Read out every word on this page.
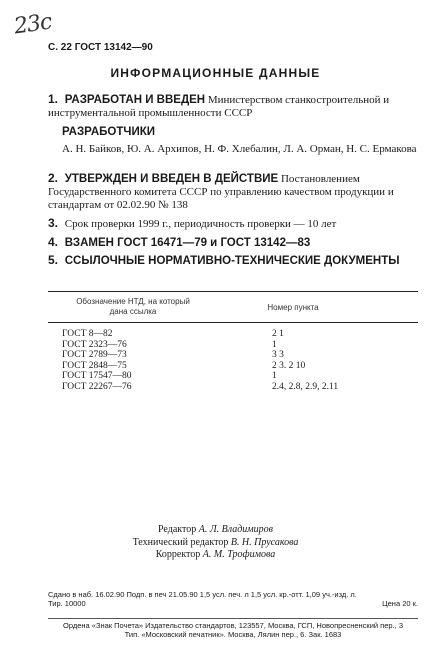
23c
С. 22 ГОСТ 13142—90
ИНФОРМАЦИОННЫЕ ДАННЫЕ
1. РАЗРАБОТАН И ВВЕДЕН Министерством станкостроительной и инструментальной промышленности СССР
РАЗРАБОТЧИКИ
А. Н. Байков, Ю. А. Архипов, Н. Ф. Хлебалин, Л. А. Орман, Н. С. Ермакова
2. УТВЕРЖДЕН И ВВЕДЕН В ДЕЙСТВИЕ Постановлением Государственного комитета СССР по управлению качеством продукции и стандартам от 02.02.90 № 138
3. Срок проверки 1999 г., периодичность проверки — 10 лет
4. ВЗАМЕН ГОСТ 16471—79 и ГОСТ 13142—83
5. ССЫЛОЧНЫЕ НОРМАТИВНО-ТЕХНИЧЕСКИЕ ДОКУМЕНТЫ
Обозначение НТД, на который
дана ссылка	Номер пункта
ГОСТ 8—82	2 1
ГОСТ 2323—76	1
ГОСТ 2789—73	3 3
ГОСТ 2848—75	2 3. 2 10
ГОСТ 17547—80	1
ГОСТ 22267—76	2.4, 2.8, 2.9, 2.11
Редактор А. Л. Владимиров
Технический редактор В. Н. Прусакова
Корректор А. М. Трофимова
Сдано в наб. 16.02.90 Подп. в печ 21.05.90 1,5 усл. печ. л 1,5 усл. кр.-отт. 1,09 уч.-изд. л.
Тир. 10000	Цена 20 к.
Ордена «Знак Почета» Издательство стандартов, 123557, Москва, ГСП, Новопресненский пер., 3
Тип. «Московский печатник». Москва, Лялин пер., 6. Зак. 1683
